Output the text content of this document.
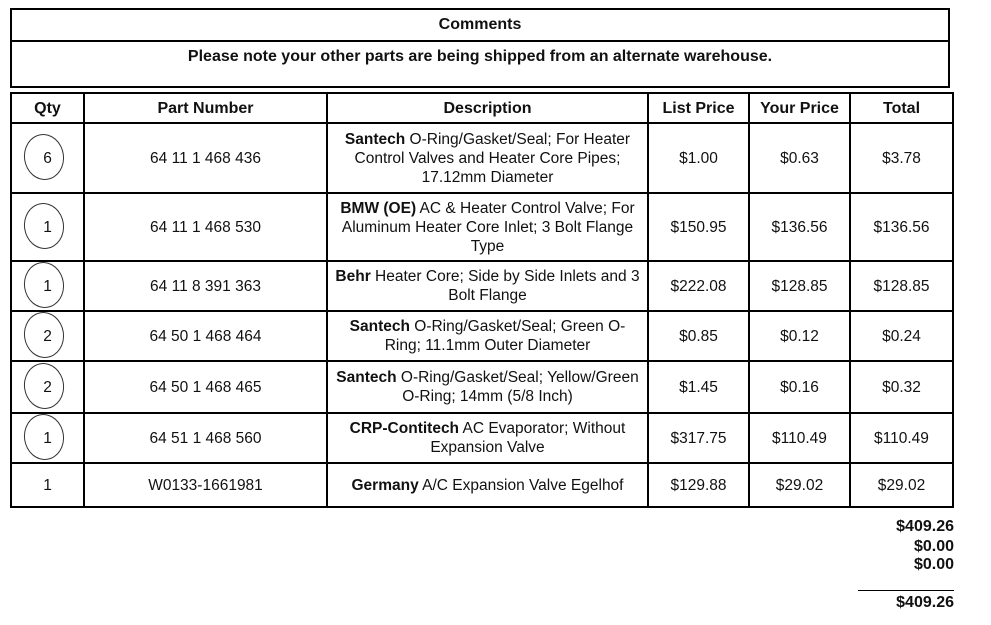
Comments
Please note your other parts are being shipped from an alternate warehouse.
Qty	Part Number	Description	List Price	Your Price	Total
6	64 11 1 468 436	Santech O-Ring/Gasket/Seal; For Heater Control Valves and Heater Core Pipes; 17.12mm Diameter	$1.00	$0.63	$3.78
1	64 11 1 468 530	BMW (OE) AC & Heater Control Valve; For Aluminum Heater Core Inlet; 3 Bolt Flange Type	$150.95	$136.56	$136.56
1	64 11 8 391 363	Behr Heater Core; Side by Side Inlets and 3 Bolt Flange	$222.08	$128.85	$128.85
2	64 50 1 468 464	Santech O-Ring/Gasket/Seal; Green O-Ring; 11.1mm Outer Diameter	$0.85	$0.12	$0.24
2	64 50 1 468 465	Santech O-Ring/Gasket/Seal; Yellow/Green O-Ring; 14mm (5/8 Inch)	$1.45	$0.16	$0.32
1	64 51 1 468 560	CRP-Contitech AC Evaporator; Without Expansion Valve	$317.75	$110.49	$110.49
1	W0133-1661981	Germany A/C Expansion Valve Egelhof	$129.88	$29.02	$29.02
$409.26
$0.00
$0.00
$409.26
